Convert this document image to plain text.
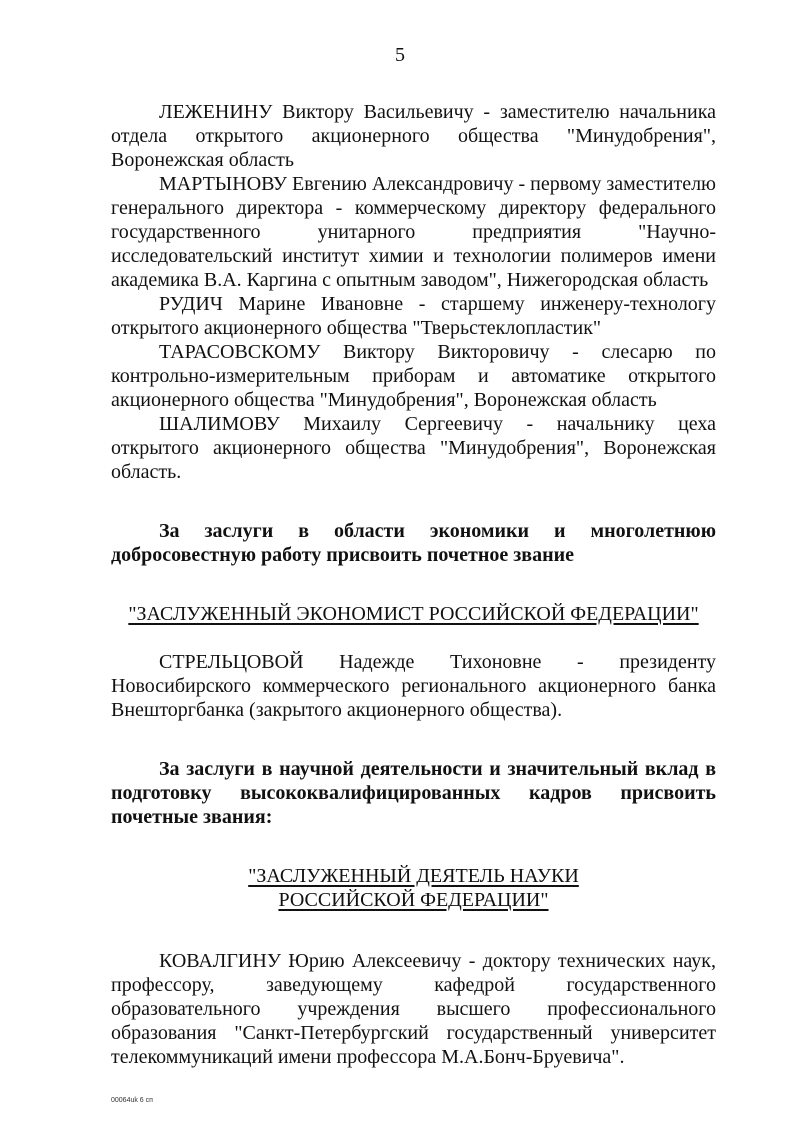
5

ЛЕЖЕНИНУ Виктору Васильевичу - заместителю начальника отдела открытого акционерного общества "Минудобрения", Воронежская область

МАРТЫНОВУ Евгению Александровичу - первому заместителю генерального директора - коммерческому директору федерального государственного унитарного предприятия "Научно-исследовательский институт химии и технологии полимеров имени академика В.А. Каргина с опытным заводом", Нижегородская область

РУДИЧ Марине Ивановне - старшему инженеру-технологу открытого акционерного общества "Тверьстеклопластик"

ТАРАСОВСКОМУ Виктору Викторовичу - слесарю по контрольно-измерительным приборам и автоматике открытого акционерного общества "Минудобрения", Воронежская область

ШАЛИМОВУ Михаилу Сергеевичу - начальнику цеха открытого акционерного общества "Минудобрения", Воронежская область.

За заслуги в области экономики и многолетнюю добросовестную работу присвоить почетное звание

"ЗАСЛУЖЕННЫЙ ЭКОНОМИСТ РОССИЙСКОЙ ФЕДЕРАЦИИ"

СТРЕЛЬЦОВОЙ Надежде Тихоновне - президенту Новосибирского коммерческого регионального акционерного банка Внешторгбанка (закрытого акционерного общества).

За заслуги в научной деятельности и значительный вклад в подготовку высококвалифицированных кадров присвоить почетные звания:

"ЗАСЛУЖЕННЫЙ ДЕЯТЕЛЬ НАУКИ
РОССИЙСКОЙ ФЕДЕРАЦИИ"

КОВАЛГИНУ Юрию Алексеевичу - доктору технических наук, профессору, заведующему кафедрой государственного образовательного учреждения высшего профессионального образования "Санкт-Петербургский государственный университет телекоммуникаций имени профессора М.А.Бонч-Бруевича".

00064uk 6 сп
